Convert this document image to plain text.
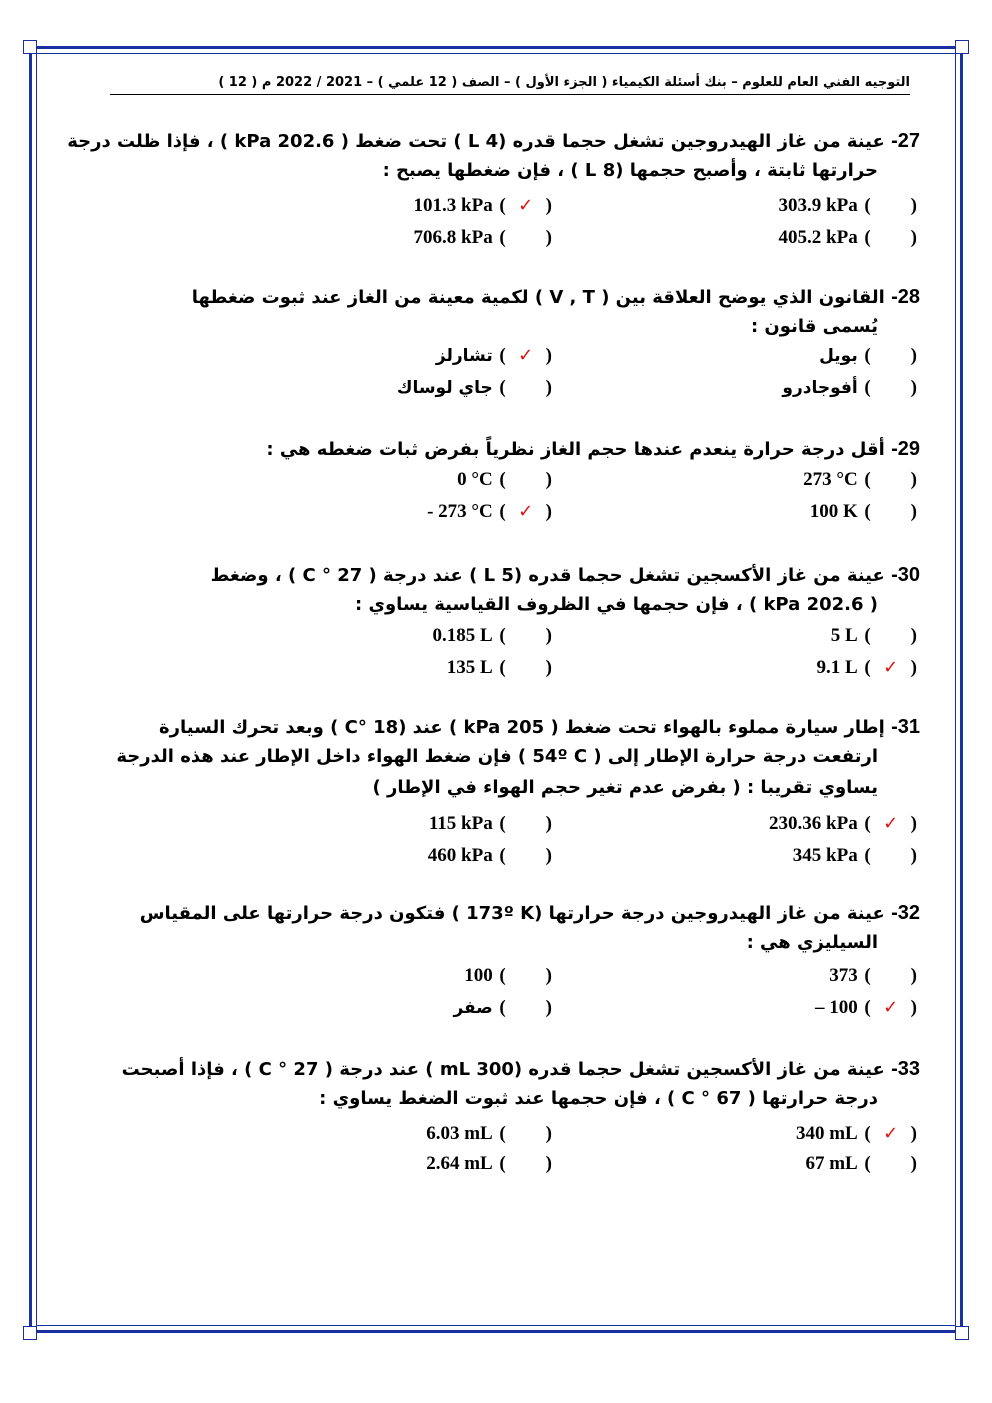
التوجيه الفني العام للعلوم – بنك أسئلة الكيمياء ( الجزء الأول ) – الصف ( 12 علمي ) – 2021 / 2022 م ( 12 )
27- عينة من غاز الهيدروجين تشغل حجما قدره (4 L ) تحت ضغط ( 202.6 kPa ) ، فإذا ظلت درجة
حرارتها ثابتة ، وأصبح حجمها (8 L ) ، فإن ضغطها يصبح :
() 303.9 kPa
(✓) 101.3 kPa
() 405.2 kPa
() 706.8 kPa
28- القانون الذي يوضح العلاقة بين ( V , T ) لكمية معينة من الغاز عند ثبوت ضغطها
يُسمى قانون :
() بويل
(✓) تشارلز
() أفوجادرو
() جاي لوساك
29- أقل درجة حرارة ينعدم عندها حجم الغاز نظرياً بفرض ثبات ضغطه هي :
() 273 °C
() 0 °C
() 100 K
(✓) - 273 °C
30- عينة من غاز الأكسجين تشغل حجما قدره (5 L ) عند درجة ( 27 ° C ) ، وضغط
( 202.6 kPa ) ، فإن حجمها في الظروف القياسية يساوي :
() 5 L
() 0.185 L
(✓) 9.1 L
() 135 L
31- إطار سيارة مملوء بالهواء تحت ضغط ( 205 kPa ) عند (18 °C ) وبعد تحرك السيارة
ارتفعت درجة حرارة الإطار إلى ( 54º C ) فإن ضغط الهواء داخل الإطار عند هذه الدرجة
يساوي تقريبا : ( بفرض عدم تغير حجم الهواء في الإطار )
(✓) 230.36 kPa
() 115 kPa
() 345 kPa
() 460 kPa
32- عينة من غاز الهيدروجين درجة حرارتها (173º K ) فتكون درجة حرارتها على المقياس
السيليزي هي :
() 373
() 100
(✓) – 100
() صفر
33- عينة من غاز الأكسجين تشغل حجما قدره (300 mL ) عند درجة ( 27 ° C ) ، فإذا أصبحت
درجة حرارتها ( 67 ° C ) ، فإن حجمها عند ثبوت الضغط يساوي :
(✓) 340 mL
() 6.03 mL
() 67 mL
() 2.64 mL
